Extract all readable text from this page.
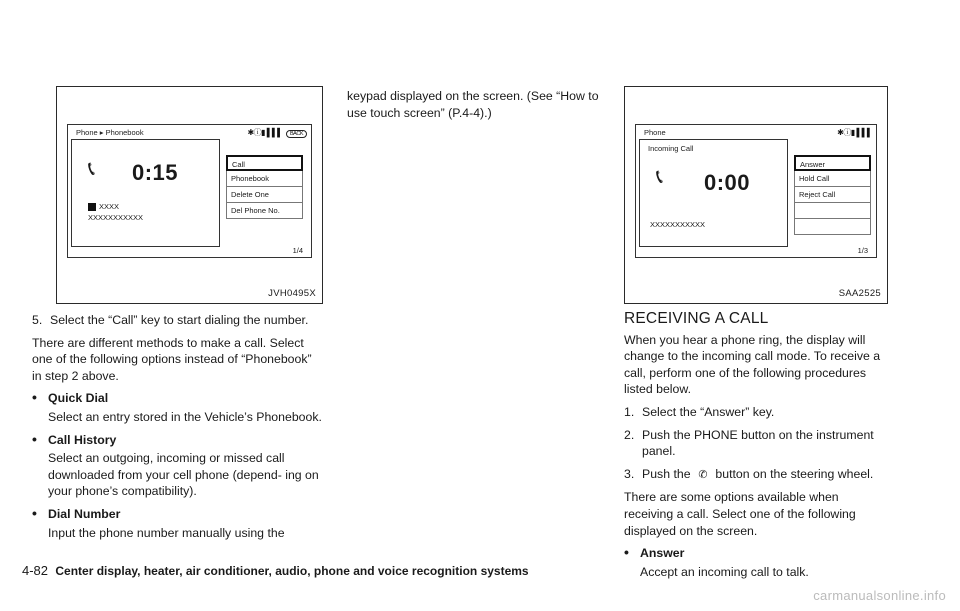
Phone ▸ Phonebook	✱ⓘ▮ ▌▌▌ BACK
📞︎ 0:15
XXXX
XXXXXXXXXXX
Call
Phonebook
Delete One
Del Phone No.
1/4
JVH0495X
Phone	✱ⓘ▮ ▌▌▌
Incoming Call
📞︎ 0:00
XXXXXXXXXXX
Answer
Hold Call
Reject Call
1/3
SAA2525

5. Select the “Call” key to start dialing the number.

There are different methods to make a call. Select one of the following options instead of “Phonebook” in step 2 above.

• Quick Dial

Select an entry stored in the Vehicle’s Phonebook.

• Call History

Select an outgoing, incoming or missed call downloaded from your cell phone (depend- ing on your phone’s compatibility).

• Dial Number

Input the phone number manually using the

keypad displayed on the screen. (See “How to use touch screen” (P.4-4).)

RECEIVING A CALL

When you hear a phone ring, the display will change to the incoming call mode. To receive a call, perform one of the following procedures listed below.

1. Select the “Answer” key.

2. Push the PHONE button on the instrument panel.

3. Push the ✆ button on the steering wheel.

There are some options available when receiving a call. Select one of the following displayed on the screen.

• Answer

Accept an incoming call to talk.

4-82 Center display, heater, air conditioner, audio, phone and voice recognition systems
carmanualsonline.info
